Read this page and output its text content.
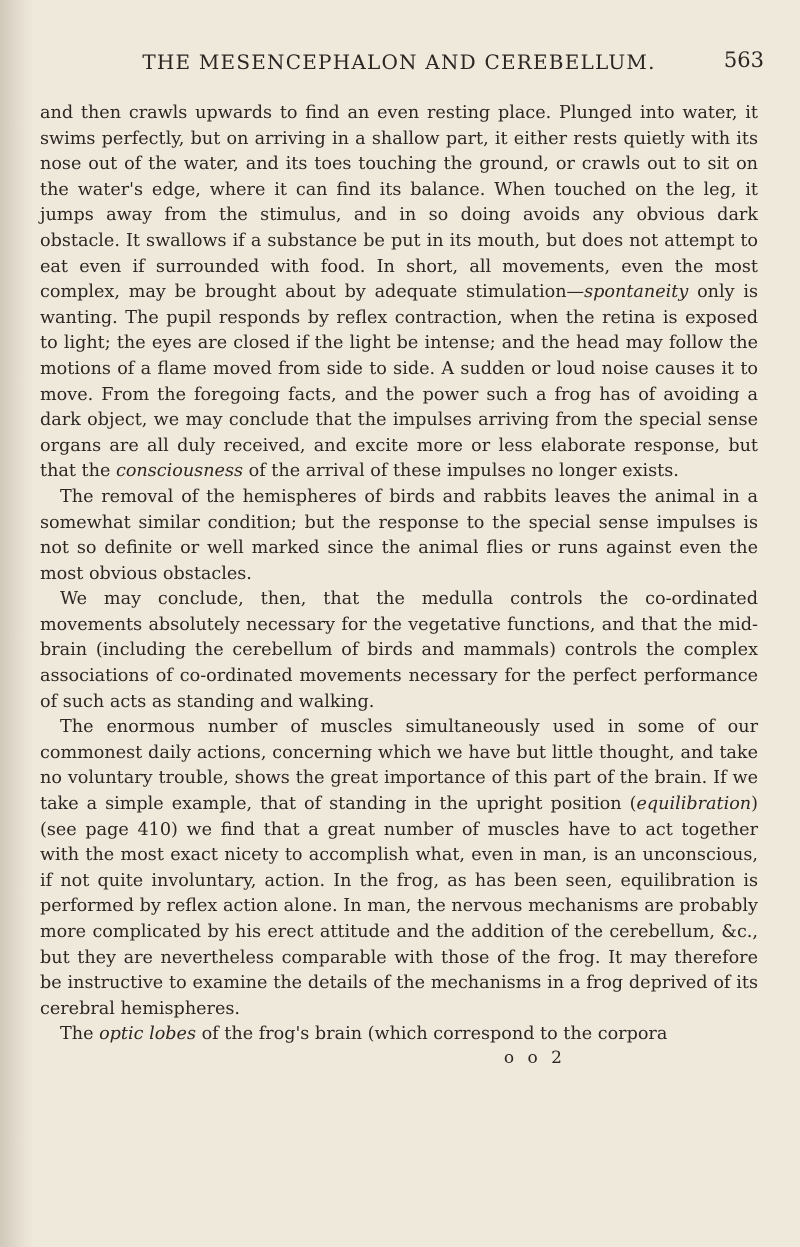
THE MESENCEPHALON AND CEREBELLUM.	563

and then crawls upwards to find an even resting place. Plunged into water, it swims perfectly, but on arriving in a shallow part, it either rests quietly with its nose out of the water, and its toes touching the ground, or crawls out to sit on the water's edge, where it can find its balance. When touched on the leg, it jumps away from the stimulus, and in so doing avoids any obvious dark obstacle. It swallows if a substance be put in its mouth, but does not attempt to eat even if surrounded with food. In short, all movements, even the most complex, may be brought about by adequate stimulation—spontaneity only is wanting. The pupil responds by reflex contraction, when the retina is exposed to light; the eyes are closed if the light be intense; and the head may follow the motions of a flame moved from side to side. A sudden or loud noise causes it to move. From the foregoing facts, and the power such a frog has of avoiding a dark object, we may conclude that the impulses arriving from the special sense organs are all duly received, and excite more or less elaborate response, but that the consciousness of the arrival of these impulses no longer exists.

The removal of the hemispheres of birds and rabbits leaves the animal in a somewhat similar condition; but the response to the special sense impulses is not so definite or well marked since the animal flies or runs against even the most obvious obstacles.

We may conclude, then, that the medulla controls the co-ordinated movements absolutely necessary for the vegetative functions, and that the mid-brain (including the cerebellum of birds and mammals) controls the complex associations of co-ordinated movements necessary for the perfect performance of such acts as standing and walking.

The enormous number of muscles simultaneously used in some of our commonest daily actions, concerning which we have but little thought, and take no voluntary trouble, shows the great importance of this part of the brain. If we take a simple example, that of standing in the upright position (equilibration) (see page 410) we find that a great number of muscles have to act together with the most exact nicety to accomplish what, even in man, is an unconscious, if not quite involuntary, action. In the frog, as has been seen, equilibration is performed by reflex action alone. In man, the nervous mechanisms are probably more complicated by his erect attitude and the addition of the cerebellum, &c., but they are nevertheless comparable with those of the frog. It may therefore be instructive to examine the details of the mechanisms in a frog deprived of its cerebral hemispheres.

The optic lobes of the frog's brain (which correspond to the corpora

o o 2
